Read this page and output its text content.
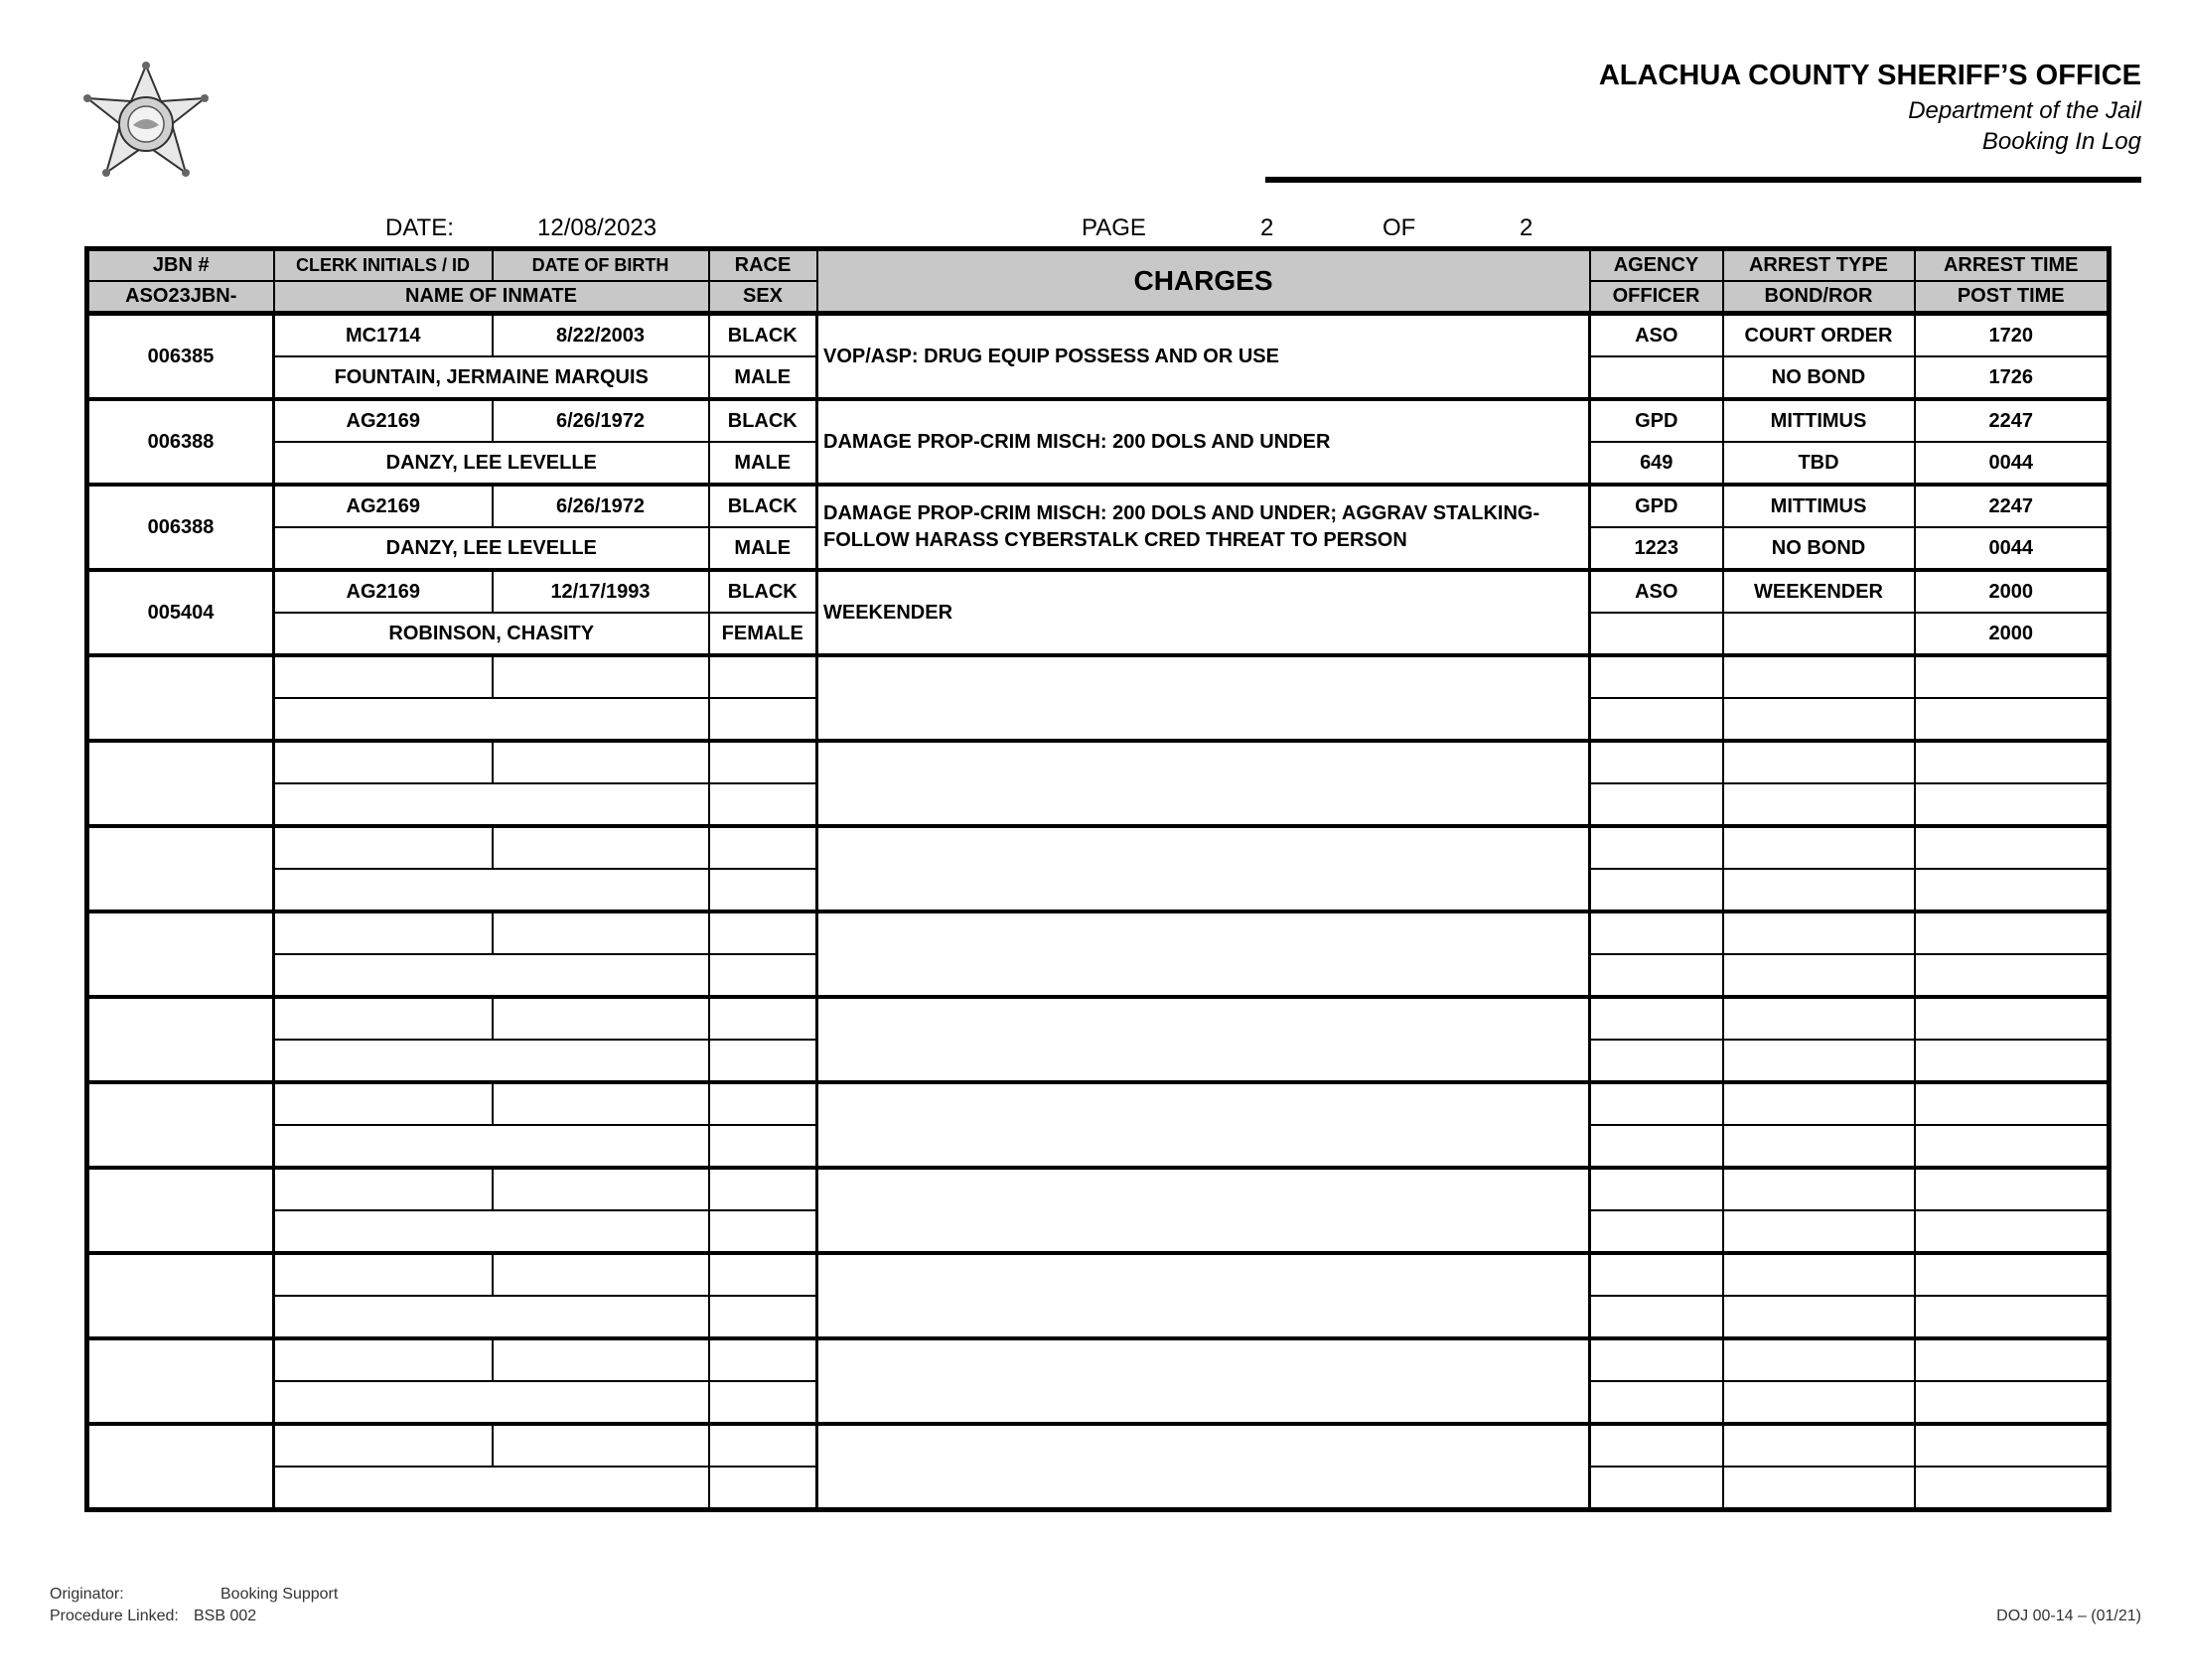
ALACHUA COUNTY SHERIFF’S OFFICE
Department of the Jail
Booking In Log
DATE:	12/08/2023	PAGE	2	OF	2
JBN #	CLERK INITIALS / ID	DATE OF BIRTH	RACE	CHARGES	AGENCY	ARREST TYPE	ARREST TIME
ASO23JBN-	NAME OF INMATE		SEX		OFFICER	BOND/ROR	POST TIME
006385	MC1714	8/22/2003	BLACK	VOP/ASP: DRUG EQUIP POSSESS AND OR USE	ASO	COURT ORDER	1720
	FOUNTAIN, JERMAINE MARQUIS		MALE			NO BOND	1726
006388	AG2169	6/26/1972	BLACK	DAMAGE PROP-CRIM MISCH: 200 DOLS AND UNDER	GPD	MITTIMUS	2247
	DANZY, LEE LEVELLE		MALE		649	TBD	0044
006388	AG2169	6/26/1972	BLACK	DAMAGE PROP-CRIM MISCH: 200 DOLS AND UNDER; AGGRAV STALKING-FOLLOW HARASS CYBERSTALK CRED THREAT TO PERSON	GPD	MITTIMUS	2247
	DANZY, LEE LEVELLE		MALE		1223	NO BOND	0044
005404	AG2169	12/17/1993	BLACK	WEEKENDER	ASO	WEEKENDER	2000
	ROBINSON, CHASITY		FEMALE				2000

Originator:	Booking Support
Procedure Linked: BSB 002	DOJ 00-14 – (01/21)
